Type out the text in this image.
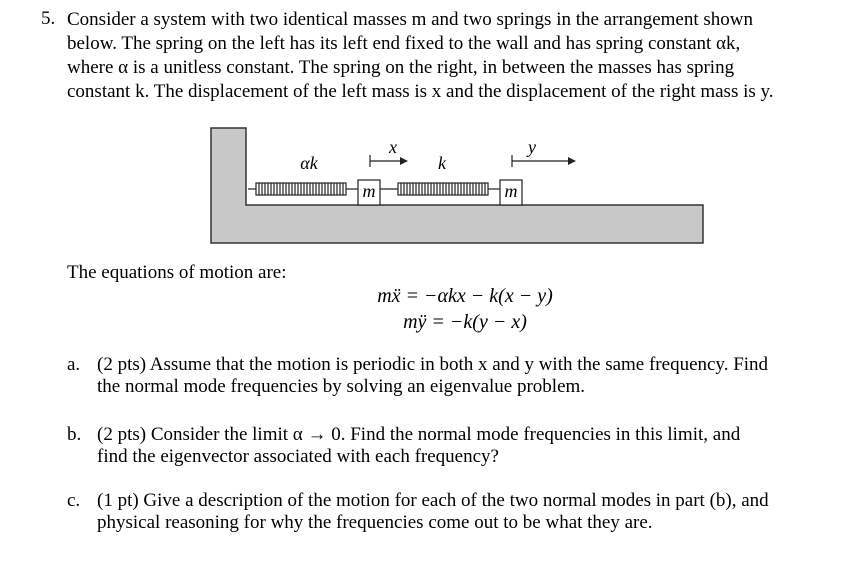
5. Consider a system with two identical masses m and two springs in the arrangement shown
below. The spring on the left has its left end fixed to the wall and has spring constant αk,
where α is a unitless constant. The spring on the right, in between the masses has spring
constant k. The displacement of the left mass is x and the displacement of the right mass is y.
m	m
αk	k
x	y
The equations of motion are:
mẍ = −αkx − k(x − y)
mÿ = −k(y − x)
a. (2 pts) Assume that the motion is periodic in both x and y with the same frequency. Find
the normal mode frequencies by solving an eigenvalue problem.
b. (2 pts) Consider the limit α → 0. Find the normal mode frequencies in this limit, and
find the eigenvector associated with each frequency?
c. (1 pt) Give a description of the motion for each of the two normal modes in part (b), and
physical reasoning for why the frequencies come out to be what they are.
